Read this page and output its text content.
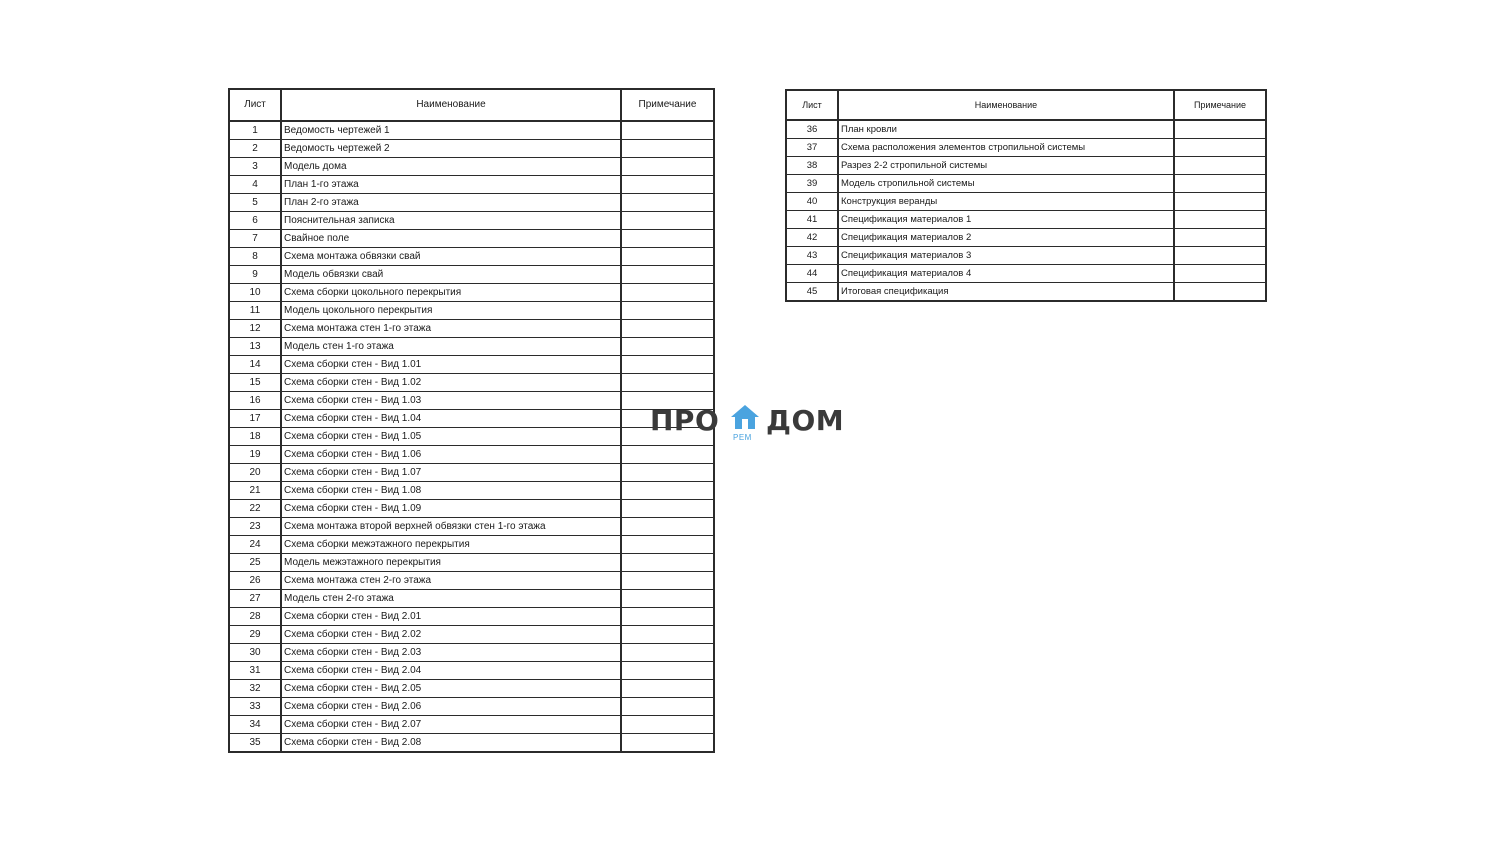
Лист	Наименование	Примечание
1	Ведомость чертежей 1	
2	Ведомость чертежей 2	
3	Модель дома	
4	План 1-го этажа	
5	План 2-го этажа	
6	Пояснительная записка	
7	Свайное поле	
8	Схема монтажа обвязки свай	
9	Модель обвязки свай	
10	Схема сборки цокольного перекрытия	
11	Модель цокольного перекрытия	
12	Схема монтажа стен 1-го этажа	
13	Модель стен 1-го этажа	
14	Схема сборки стен - Вид 1.01	
15	Схема сборки стен - Вид 1.02	
16	Схема сборки стен - Вид 1.03	
17	Схема сборки стен - Вид 1.04	
18	Схема сборки стен - Вид 1.05	
19	Схема сборки стен - Вид 1.06	
20	Схема сборки стен - Вид 1.07	
21	Схема сборки стен - Вид 1.08	
22	Схема сборки стен - Вид 1.09	
23	Схема монтажа второй верхней обвязки стен 1-го этажа	
24	Схема сборки межэтажного перекрытия	
25	Модель межэтажного перекрытия	
26	Схема монтажа стен 2-го этажа	
27	Модель стен 2-го этажа	
28	Схема сборки стен - Вид 2.01	
29	Схема сборки стен - Вид 2.02	
30	Схема сборки стен - Вид 2.03	
31	Схема сборки стен - Вид 2.04	
32	Схема сборки стен - Вид 2.05	
33	Схема сборки стен - Вид 2.06	
34	Схема сборки стен - Вид 2.07	
35	Схема сборки стен - Вид 2.08	
Лист	Наименование	Примечание
36	План кровли	
37	Схема расположения элементов стропильной системы	
38	Разрез 2-2 стропильной системы	
39	Модель стропильной системы	
40	Конструкция веранды	
41	Спецификация материалов 1	
42	Спецификация материалов 2	
43	Спецификация материалов 3	
44	Спецификация материалов 4	
45	Итоговая спецификация	
ПРО ДОМ
РЕМ
